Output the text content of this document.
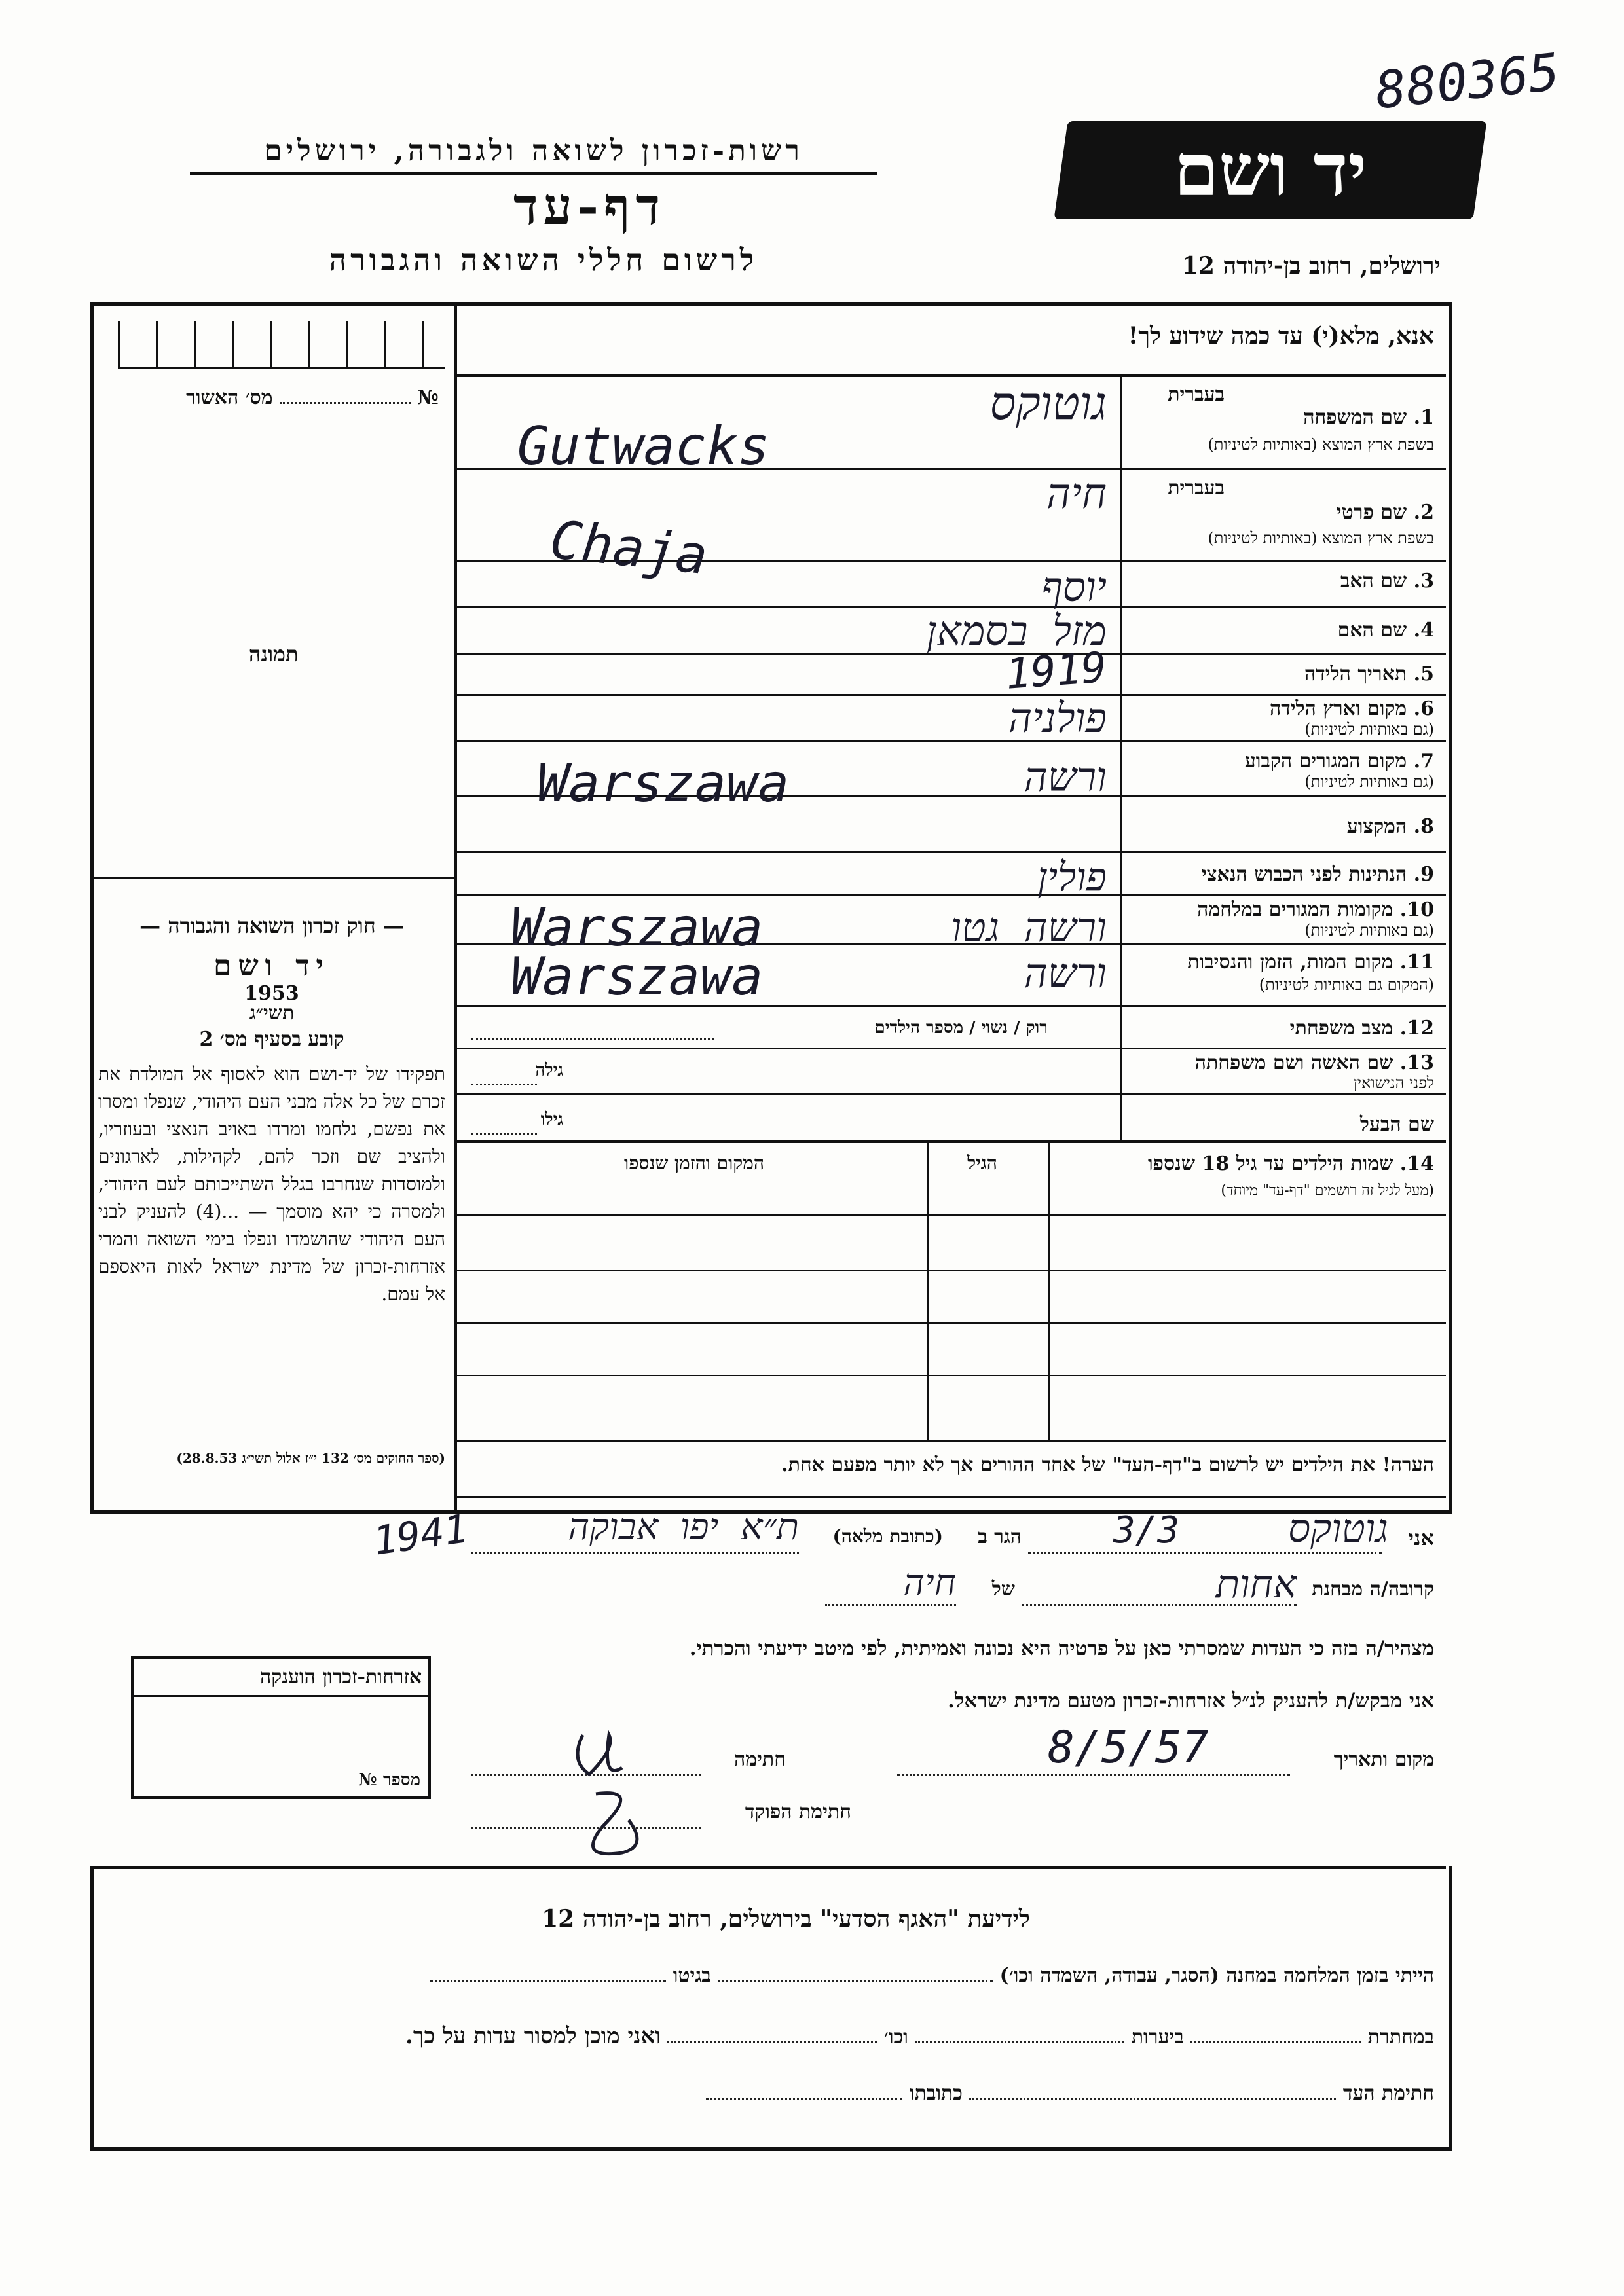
880365
רשות-זכרון לשואה ולגבורה, ירושלים	יד ושם
דף-עד
לרשום חללי השואה והגבורה	ירושלים, רחוב בן-יהודה 12
אנא, מלא(י) עד כמה שידוע לך!
№  מס׳ האשור
תמונה
בעברית
1. שם המשפחה
בשפת ארץ המוצא (באותיות לטיניות)
בעברית
2. שם פרטי
בשפת ארץ המוצא (באותיות לטיניות)
3. שם האב
4. שם האם
5. תאריך הלידה
6. מקום וארץ הלידה
(גם באותיות לטיניות)
7. מקום המגורים הקבוע
(גם באותיות לטיניות)
8. המקצוע
9. הנתינות לפני הכבוש הנאצי
10. מקומות המגורים במלחמה
(גם באותיות לטיניות)
11. מקום המות, הזמן והנסיבות
(המקום גם באותיות לטיניות)
12. מצב משפחתי
13. שם האשה ושם משפחתה
לפני הנישואין
שם הבעל
רוק / נשוי / מספר הילדים
גילה
גילו
גוטוקס
Gutwacks
חיה
Chaja
יוסף
מזל בסמאן
1919
פולניה
ורשה
Warszawa
פולין
ורשה גטו
Warszawa
ורשה
Warszawa
14. שמות הילדים עד גיל 18 שנספו
(מעל לגיל זה רושמים "דף-עד" מיוחד)
הגיל
המקום והזמן שנספו
הערה! את הילדים יש לרשום ב"דף-העד" של אחד ההורים אך לא יותר מפעם אחת.
— חוק זכרון השואה והגבורה —
יד ושם
תשי״ג
1953
קובע בסעיף מס׳ 2
תפקידו של יד-ושם הוא לאסוף אל המולדת את זכרם של כל אלה מבני העם היהודי, שנפלו ומסרו את נפשם, נלחמו ומרדו באויב הנאצי ובעוזריו, ולהציב שם וזכר להם, לקהילות, לארגונים ולמוסדות שנחרבו בגלל השתייכותם לעם היהודי, ולמסרה כי יהא מוסמך — ...(4) להעניק לבני העם היהודי שהושמדו ונפלו בימי השואה והמרי אזרחות-זכרון של מדינת ישראל לאות היאספם אל עמם.
(ספר החוקים מס׳ 132 י״ז אלול תשי״ג 28.8.53)
אני
גוטוקס
3/3
הגר ב
(כתובת מלאה)
ת״א יפו אבוקה
1941
קרובה/ה מבחנת
אחות
של
חיה
מצהיר/ה בזה כי העדות שמסרתי כאן על פרטיה היא נכונה ואמיתית, לפי מיטב ידיעתי והכרתי.
אני מבקש/ת להעניק לנ״ל אזרחות-זכרון מטעם מדינת ישראל.
מקום ותאריך
8/5/57
חתימה
חתימת הפוקד
אזרחות-זכרון הוענקה
מספר №
לידיעת "האגף הסדעי" בירושלים, רחוב בן-יהודה 12
הייתי בזמן המלחמה במחנה (הסגר, עבודה, השמדה וכו׳)  בגיטו
במחתרת  ביערות  וכו׳  ואני מוכן למסור עדות על כך.
חתימת העד  כתובתו
